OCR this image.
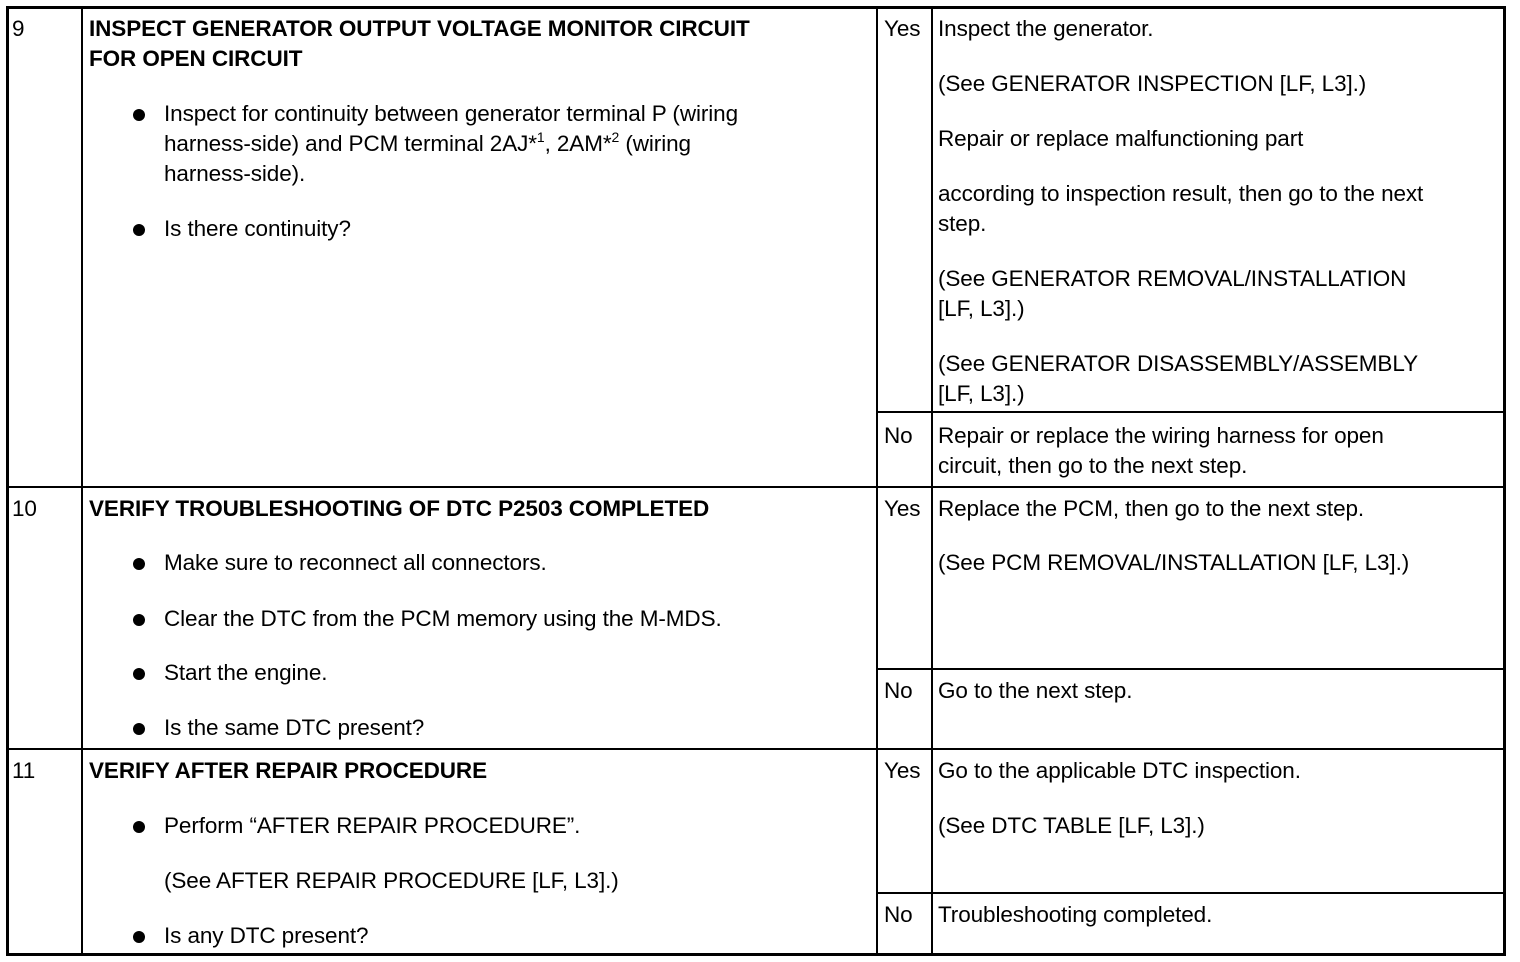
9	INSPECT GENERATOR OUTPUT VOLTAGE MONITOR CIRCUIT
FOR OPEN CIRCUIT
Inspect for continuity between generator terminal P (wiring
harness-side) and PCM terminal 2AJ*$^1$, 2AM*$^2$ (wiring
harness-side).
Is there continuity?
Yes Inspect the generator.
(See GENERATOR INSPECTION [LF, L3].)
Repair or replace malfunctioning part
according to inspection result, then go to the next
step.
(See GENERATOR REMOVAL/INSTALLATION
[LF, L3].)
(See GENERATOR DISASSEMBLY/ASSEMBLY
[LF, L3].)
No Repair or replace the wiring harness for open
circuit, then go to the next step.
10 VERIFY TROUBLESHOOTING OF DTC P2503 COMPLETED
Make sure to reconnect all connectors.
Clear the DTC from the PCM memory using the M-MDS.
Start the engine.
Is the same DTC present?
Yes Replace the PCM, then go to the next step.
(See PCM REMOVAL/INSTALLATION [LF, L3].)
No Go to the next step.
11 VERIFY AFTER REPAIR PROCEDURE
Perform “AFTER REPAIR PROCEDURE”.
(See AFTER REPAIR PROCEDURE [LF, L3].)
Is any DTC present?
Yes Go to the applicable DTC inspection.
(See DTC TABLE [LF, L3].)
No Troubleshooting completed.
